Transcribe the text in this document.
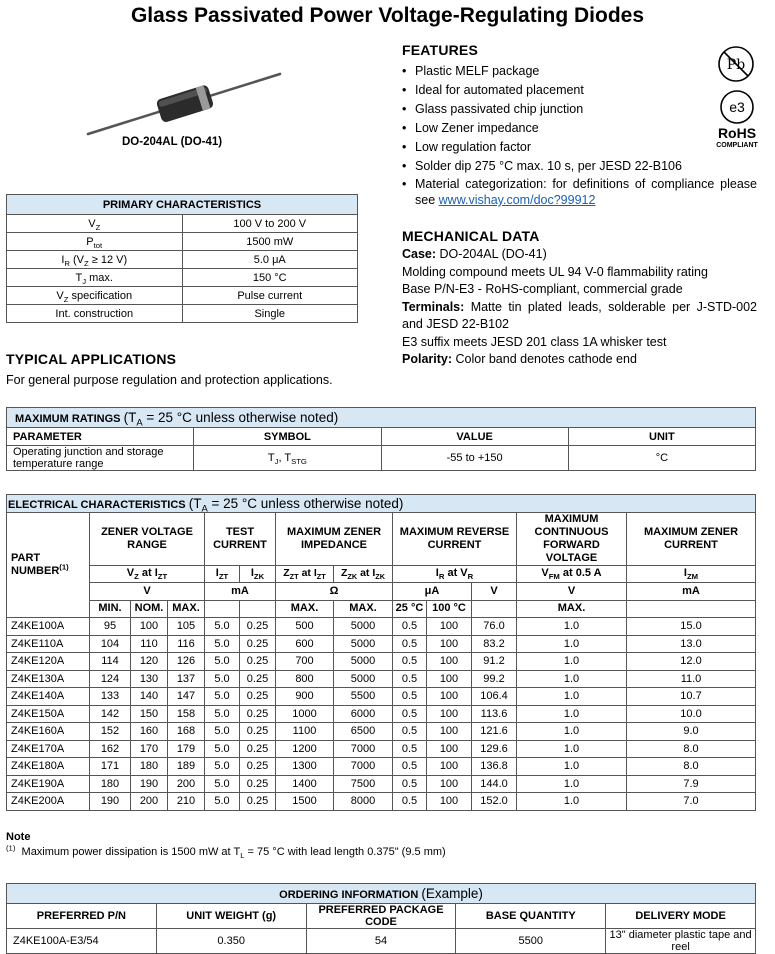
Glass Passivated Power Voltage-Regulating Diodes
DO-204AL (DO-41)
FEATURES
• Plastic MELF package
• Ideal for automated placement
• Glass passivated chip junction
• Low Zener impedance
• Low regulation factor
• Solder dip 275 °C max. 10 s, per JESD 22-B106
• Material categorization: for definitions of compliance please see www.vishay.com/doc?99912
Pb
e3
RoHS
COMPLIANT
MECHANICAL DATA
Case: DO-204AL (DO-41)
Molding compound meets UL 94 V-0 flammability rating
Base P/N-E3 - RoHS-compliant, commercial grade
Terminals: Matte tin plated leads, solderable per J-STD-002 and JESD 22-B102
E3 suffix meets JESD 201 class 1A whisker test
Polarity: Color band denotes cathode end
PRIMARY CHARACTERISTICS	
$V_Z$	100 V to 200 V
$P_{tot}$	1500 mW
$I_R$ ($V_Z \ge 12$ V)	5.0 μA
$T_J$ max.	150 °C
$V_Z$ specification	Pulse current
Int. construction	Single
TYPICAL APPLICATIONS
For general purpose regulation and protection applications.
MAXIMUM RATINGS ($T_A = 25$ °C unless otherwise noted)			
PARAMETER	SYMBOL	VALUE	UNIT
Operating junction and storage temperature range	$T_J$, $T_{STG}$	-55 to +150	°C
ELECTRICAL CHARACTERISTICS ($T_A = 25$ °C unless otherwise noted)												
PART NUMBER$^{(1)}$	ZENER VOLTAGE RANGE			TEST CURRENT		MAXIMUM ZENER IMPEDANCE		MAXIMUM REVERSE CURRENT			MAXIMUM CONTINUOUS FORWARD VOLTAGE	MAXIMUM ZENER CURRENT
	$V_Z$ at $I_{ZT}$			$I_{ZT}$	$I_{ZK}$	$Z_{ZT}$ at $I_{ZT}$	$Z_{ZK}$ at $I_{ZK}$	$I_R$ at $V_R$			$V_{FM}$ at 0.5 A	$I_{ZM}$
	V			mA		Ω		μA		V	V	mA
	MIN.	NOM.	MAX.			MAX.	MAX.	25 °C	100 °C		MAX.	
Z4KE100A	95	100	105	5.0	0.25	500	5000	0.5	100	76.0	1.0	15.0
Z4KE110A	104	110	116	5.0	0.25	600	5000	0.5	100	83.2	1.0	13.0
Z4KE120A	114	120	126	5.0	0.25	700	5000	0.5	100	91.2	1.0	12.0
Z4KE130A	124	130	137	5.0	0.25	800	5000	0.5	100	99.2	1.0	11.0
Z4KE140A	133	140	147	5.0	0.25	900	5500	0.5	100	106.4	1.0	10.7
Z4KE150A	142	150	158	5.0	0.25	1000	6000	0.5	100	113.6	1.0	10.0
Z4KE160A	152	160	168	5.0	0.25	1100	6500	0.5	100	121.6	1.0	9.0
Z4KE170A	162	170	179	5.0	0.25	1200	7000	0.5	100	129.6	1.0	8.0
Z4KE180A	171	180	189	5.0	0.25	1300	7000	0.5	100	136.8	1.0	8.0
Z4KE190A	180	190	200	5.0	0.25	1400	7500	0.5	100	144.0	1.0	7.9
Z4KE200A	190	200	210	5.0	0.25	1500	8000	0.5	100	152.0	1.0	7.0
Note
$^{(1)}$ Maximum power dissipation is 1500 mW at $T_L = 75$ °C with lead length 0.375" (9.5 mm)
ORDERING INFORMATION (Example)				
PREFERRED P/N	UNIT WEIGHT (g)	PREFERRED PACKAGE CODE	BASE QUANTITY	DELIVERY MODE
Z4KE100A-E3/54	0.350	54	5500	13" diameter plastic tape and reel
